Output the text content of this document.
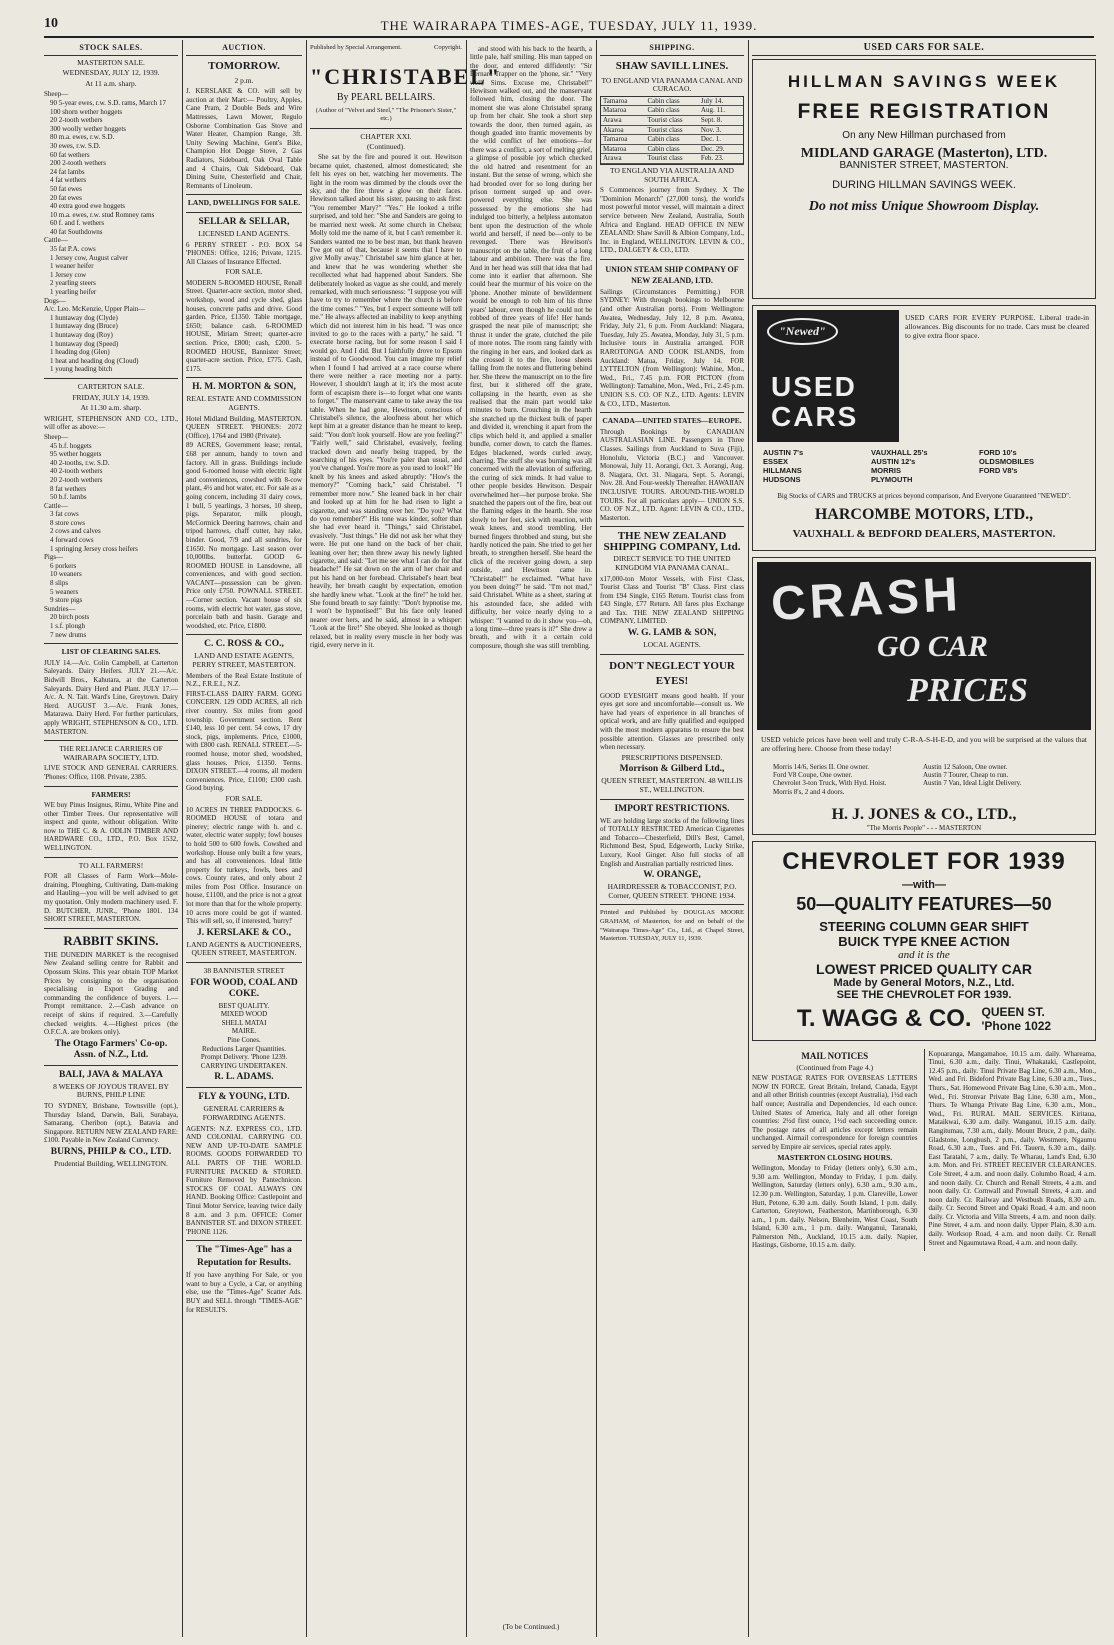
10	THE WAIRARAPA TIMES-AGE, TUESDAY, JULY 11, 1939.
STOCK SALES.
MASTERTON SALE.
WEDNESDAY, JULY 12, 1939.
At 11 a.m. sharp.
Sheep—
90 5-year ewes, r.w. S.D. rams, March 17
100 shorn wether hoggets
20 2-tooth wethers
300 woolly wether hoggets
80 m.a. ewes, r.w. S.D.
30 ewes, r.w. S.D.
60 fat wethers
200 2-tooth wethers
24 fat lambs
4 fat wethers
50 fat ewes
20 fat ewes
40 extra good ewe hoggets
10 m.a. ewes, r.w. stud Romney rams
60 f. and f. wethers
40 fat Southdowns
Cattle—
35 fat P.A. cows
1 Jersey cow, August calver
1 weaner heifer
1 Jersey cow
2 yearling steers
1 yearling heifer
Dogs—
A/c. Leo. McKenzie, Upper Plain—
1 huntaway dog (Clyde)
1 huntaway dog (Bruce)
1 huntaway dog (Roy)
1 huntaway dog (Speed)
1 heading dog (Glen)
1 heat and heading dog (Cloud)
1 young heading bitch
CARTERTON SALE.
FRIDAY, JULY 14, 1939.
At 11.30 a.m. sharp.
WRIGHT, STEPHENSON AND CO., LTD., will offer as above:—
Sheep—
45 b.f. hoggets
95 wether hoggets
40 2-tooths, r.w. S.D.
40 2-tooth wethers
20 2-tooth wethers
8 fat wethers
50 b.f. lambs
Cattle—
3 fat cows
8 store cows
2 cows and calves
4 forward cows
1 springing Jersey cross heifers
Pigs—
6 porkers
10 weaners
8 slips
5 weaners
9 store pigs
Sundries—
20 birch posts
1 s.f. plough
7 new drums
LIST OF CLEARING SALES.
JULY 14.—A/c. Colin Campbell, at Carterton Saleyards. Dairy Heifers. JULY 21.—A/c. Bidwill Bros., Kahutara, at the Carterton Saleyards. Dairy Herd and Plant. JULY 17.—A/c. A. N. Tait. Ward's Line, Greytown. Dairy Herd. AUGUST 3.—A/c. Frank Jones, Matarawa. Dairy Herd. For further particulars, apply WRIGHT, STEPHENSON & CO., LTD. MASTERTON.
THE RELIANCE CARRIERS OF WAIRARAPA SOCIETY, LTD.
LIVE STOCK AND GENERAL CARRIERS. 'Phones: Office, 1108. Private, 2385.
FARMERS!
WE buy Pinus Insignus, Rimu, White Pine and other Timber Trees. Our representative will inspect and quote, without obligation. Write now to THE C. & A. ODLIN TIMBER AND HARDWARE CO., LTD., P.O. Box 1532, WELLINGTON.
TO ALL FARMERS!
FOR all Classes of Farm Work—Mole-draining, Ploughing, Cultivating, Dam-making and Hauling—you will be well advised to get my quotation. Only modern machinery used. F. D. BUTCHER, JUNR., 'Phone 1801. 134 SHORT STREET, MASTERTON.
RABBIT SKINS.
THE DUNEDIN MARKET is the recognised New Zealand selling centre for Rabbit and Opossum Skins. This year obtain TOP Market Prices by consigning to the organisation specialising in Export Grading and commanding the confidence of buyers. 1.—Prompt remittance. 2.—Cash advance on receipt of skins if required. 3.—Carefully checked weights. 4.—Highest prices (the O.F.C.A. are brokers only).
The Otago Farmers' Co-op. Assn. of N.Z., Ltd.
BALI, JAVA & MALAYA
8 WEEKS OF JOYOUS TRAVEL BY BURNS, PHILP LINE
TO SYDNEY, Brisbane, Townsville (opt.), Thursday Island, Darwin, Bali, Surabaya, Samarang, Cheribon (opt.), Batavia and Singapore. RETURN NEW ZEALAND FARE: £100. Payable in New Zealand Currency.
BURNS, PHILP & CO., LTD.
Prudential Building, WELLINGTON.
AUCTION.
TOMORROW.
2 p.m.
J. KERSLAKE & CO. will sell by auction at their Mart:— Poultry, Apples, Cane Pram, 2 Double Beds and Wire Mattresses, Lawn Mower, Regulo Osborne Combination Gas Stove and Water Heater, Champion Range, 3ft. Unity Sewing Machine, Gent's Bike, Champion Hot Dogge Stove, 2 Gas Radiators, Sideboard, Oak Oval Table and 4 Chairs, Oak Sideboard, Oak Dining Suite, Chesterfield and Chair, Remnants of Linoleum.
LAND, DWELLINGS FOR SALE.
SELLAR & SELLAR,
LICENSED LAND AGENTS.
6 PERRY STREET - P.O. BOX 54 'PHONES: Office, 1216; Private, 1215. All Classes of Insurance Effected.
FOR SALE.
MODERN 5-ROOMED HOUSE, Renall Street. Quarter-acre section, motor shed, workshop, wood and cycle shed, glass houses, concrete paths and drive. Good garden. Price, £1350. Table mortgage, £650; balance cash. 6-ROOMED HOUSE, Miriam Street; quarter-acre section. Price, £800; cash, £200. 5-ROOMED HOUSE, Bannister Street; quarter-acre section. Price, £775. Cash, £175.
H. M. MORTON & SON,
REAL ESTATE AND COMMISSION AGENTS.
Hotel Midland Building, MASTERTON. QUEEN STREET. 'PHONES: 2072 (Office), 1764 and 1980 (Private).
89 ACRES, Government lease; rental, £68 per annum, handy to town and factory. All in grass. Buildings include good 6-roomed house with electric light and conveniences, cowshed with 8-cow plant, 4½ and hot water, etc. For sale as a going concern, including 31 dairy cows, 1 bull, 5 yearlings, 3 horses, 10 sheep, pigs. Separator, milk plough, McCormick Deering harrows, chain and tripod harrows, chaff cutter, hay rake, binder. Good, 7/9 and all sundries, for £1650. No mortgage. Last season over 10,000lbs. butterfat. GOOD 6-ROOMED HOUSE in Lansdowne, all conveniences, and with good section. VACANT—possession can be given. Price only £750. POWNALL STREET.—Corner section. Vacant house of six rooms, with electric hot water, gas stove, porcelain bath and basin. Garage and woodshed, etc. Price, £1800.
C. C. ROSS & CO.,
LAND AND ESTATE AGENTS, PERRY STREET, MASTERTON.
Members of the Real Estate Institute of N.Z., F.R.E.I., N.Z.
FIRST-CLASS DAIRY FARM. GONG CONCERN. 129 ODD ACRES, all rich river country. Six miles from good township. Government section. Rent £140, less 10 per cent. 54 cows, 17 dry stock, pigs, implements. Price, £1000, with £800 cash. RENALL STREET.—5-roomed house, motor shed, woodshed, glass houses. Price, £1350. Terms. DIXON STREET.—4 rooms, all modern conveniences. Price, £1100; £300 cash. Good buying.
FOR SALE.
10 ACRES IN THREE PADDOCKS. 6-ROOMED HOUSE of totara and pinerey; electric range with h. and c. water, electric water supply; fowl houses to hold 500 to 600 fowls. Cowshed and workshop. House only built a few years, and has all conveniences. Ideal little property for turkeys, fowls, bees and cows. County rates, and only about 2 miles from Post Office. Insurance on house, £1100, and the price is not a great lot more than that for the whole property. 10 acres more could be got if wanted. This will sell, so, if interested, 'hurry!'
J. KERSLAKE & CO.,
LAND AGENTS & AUCTIONEERS, QUEEN STREET, MASTERTON.
38 BANNISTER STREET
FOR WOOD, COAL AND COKE.
BEST QUALITY.
MIXED WOOD
SHELL MATAI
MAIRE.
Pine Cones.
Reductions Larger Quantities.
Prompt Delivery. 'Phone 1239.
CARRYING UNDERTAKEN.
R. L. ADAMS.
FLY & YOUNG, LTD.
GENERAL CARRIERS & FORWARDING AGENTS.
AGENTS: N.Z. EXPRESS CO., LTD. AND COLONIAL CARRYING CO. NEW AND UP-TO-DATE SAMPLE ROOMS. GOODS FORWARDED TO ALL PARTS OF THE WORLD. FURNITURE PACKED & STORED. Furniture Removed by Pantechnicon. STOCKS OF COAL ALWAYS ON HAND. Booking Office: Castlepoint and Tinui Motor Service, leaving twice daily 8 a.m. and 3 p.m. OFFICE: Corner BANNISTER ST. and DIXON STREET. 'PHONE 1126.
The "Times-Age" has a
Reputation for Results.
If you have anything For Sale, or you want to buy a Cycle, a Car, or anything else, use the "Times-Age" Scatter Ads. BUY and SELL through "TIMES-AGE" for RESULTS.
Published by Special Arrangement.	Copyright.
"CHRISTABEL"
By PEARL BELLAIRS.
(Author of "Velvet and Steel," "The Prisoner's Sister," etc.)
CHAPTER XXI.
(Continued).
She sat by the fire and poured it out. Hewitson became quiet, chastened, almost domesticated; she felt his eyes on her, watching her movements. The light in the room was dimmed by the clouds over the sky, and the fire threw a glow on their faces. Hewitson talked about his sister, pausing to ask first: "You remember Mary?" "Yes." He looked a trifle surprised, and told her: "She and Sanders are going to be married next week. At some church in Chelsea; Molly told me the name of it, but I can't remember it. Sanders wanted me to be best man, but thank heaven I've got out of that, because it seems that I have to give Molly away." Christabel saw him glance at her, and knew that he was wondering whether she recollected what had happened about Sanders. She deliberately looked as vague as she could, and merely remarked, with much seriousness: "I suppose you will have to try to remember where the church is before the time comes." "Yes, but I expect someone will tell me." He always affected an inability to keep anything which did not interest him in his head. "I was once invited to go to the races with a party," he said. "I execrate horse racing, but for some reason I said I would go. And I did. But I faithfully drove to Epsom instead of to Goodwood. You can imagine my relief when I found I had arrived at a race course where there were neither a race meeting nor a party. However, I shouldn't laugh at it; it's the most acute form of escapism there is—to forget what one wants to forget." The manservant came to take away the tea table. When he had gone, Hewitson, conscious of Christabel's silence, the aloofness about her which kept him at a greater distance than he meant to keep, said: "You don't look yourself. How are you feeling?" "Fairly well," said Christabel, evasively, feeling tracked down and nearly being trapped, by the searching of his eyes. "You're paler than usual, and you've changed. You're more as you used to look!" He knelt by his knees and asked abruptly: "How's the memory?" "Coming back," said Christabel. "I remember more now." She leaned back in her chair and looked up at him for he had risen to light a cigarette, and was standing over her. "Do you? What do you remember?" His tone was kinder, softer than she had ever heard it. "Things," said Christabel, evasively. "Just things." He did not ask her what they were. He put one hand on the back of her chair, leaning over her; then threw away his newly lighted cigarette, and said: "Let me see what I can do for that headache!" He sat down on the arm of her chair and put his hand on her forehead. Christabel's heart beat heavily, her breath caught by expectation, emotion she hardly knew what. "Look at the fire!" he told her. She found breath to say faintly: "Don't hypnotise me, I won't be hypnotised!" But his face only leaned nearer over hers, and he said, almost in a whisper: "Look at the fire!" She obeyed. She looked as though relaxed, but in reality every muscle in her body was rigid, every nerve in it.
and stood with his back to the hearth, a little pale, half smiling. His man tapped on the door, and entered diffidently: "Sir Bernard Trapper on the 'phone, sir." "Very well, Sims. Excuse me, Christabel!" Hewitson walked out, and the manservant followed him, closing the door. The moment she was alone Christabel sprang up from her chair. She took a short step towards the door, then turned again, as though goaded into frantic movements by the wild conflict of her emotions—for there was a conflict, a sort of melting grief, a glimpse of possible joy which checked the old hatred and resentment for an instant. But the sense of wrong, which she had brooded over for so long during her prison torment surged up and over-powered everything else. She was possessed by the emotions she had indulged too bitterly, a helpless automaton bent upon the destruction of the whole world and herself, if need be—only to be revenged. There was Hewitson's manuscript on the table, the fruit of a long labour and ambition. There was the fire. And in her head was still that idea that had come into it earlier that afternoon. She could hear the murmur of his voice on the 'phone. Another minute of bewilderment would be enough to rob him of his three years' labour, even though he could not be robbed of three years of life! Her hands grasped the neat pile of manuscript; she thrust it under the grate, clutched the pile of more notes. The room rang faintly with the ringing in her ears, and looked dark as she crossed it to the fire, loose sheets falling from the notes and fluttering behind her. She threw the manuscript on to the fire first, but it slithered off the grate, collapsing in the hearth, even as she realised that the main part would take minutes to burn. Crouching in the hearth she snatched up the thickest bulk of paper and divided it, wrenching it apart from the clips which held it, and applied a smaller bundle, corner down, to catch the flames. Edges blackened, words curled away, charring. The stuff she was burning was all concerned with the alleviation of suffering, the curing of sick minds. It had value to other people besides Hewitson. Despair overwhelmed her—her purpose broke. She snatched the papers out of the fire, beat out the flaming edges in the hearth. She rose slowly to her feet, sick with reaction, with weak knees, and stood trembling. Her burned fingers throbbed and stung, but she hardly noticed the pain. She tried to get her breath, to strengthen herself. She heard the click of the receiver going down, a step outside, and Hewitson came in. "Christabel!" he exclaimed. "What have you been doing?" he said. "I'm not mad," said Christabel. White as a sheet, staring at his astounded face, she added with difficulty, her voice nearly dying to a whisper: "I wanted to do it show you—oh, a long time—three years is it?" She drew a breath, and with it a certain cold composure, though she was still trembling.
(To be Continued.)
SHIPPING.
SHAW SAVILL LINES.
TO ENGLAND VIA PANAMA CANAL AND CURACAO.
Tamaroa	Cabin class	July 14.
Mataroa	Cabin class	Aug. 11.
Arawa	Tourist class	Sept. 8.
Akaroa	Tourist class	Nov. 3.
Tamaroa	Cabin class	Dec. 1.
Mataroa	Cabin class	Dec. 29.
Arawa	Tourist class	Feb. 23.
TO ENGLAND VIA AUSTRALIA AND SOUTH AFRICA.
S Commences journey from Sydney. X The "Dominion Monarch" (27,000 tons), the world's most powerful motor vessel, will maintain a direct service between New Zealand, Australia, South Africa and England. HEAD OFFICE IN NEW ZEALAND: Shaw Savill & Albion Company, Ltd., Inc. in England, WELLINGTON. LEVIN & CO., LTD., DALGETY & CO., LTD.
UNION STEAM SHIP COMPANY OF NEW ZEALAND, LTD.
Sailings (Circumstances Permitting.) FOR SYDNEY: With through bookings to Melbourne (and other Australian ports). From Wellington: Awatea, Wednesday, July 12, 8 p.m. Awatea, Friday, July 21, 6 p.m. From Auckland: Niagara, Tuesday, July 25. Awatea, Monday, July 31, 5 p.m. Inclusive tours in Australia arranged. FOR RAROTONGA AND COOK ISLANDS, from Auckland: Matua, Friday, July 14. FOR LYTTELTON (from Wellington): Wahine, Mon., Wed., Fri., 7.45 p.m. FOR PICTON (from Wellington): Tamahine, Mon., Wed., Fri., 2.45 p.m. UNION S.S. CO. OF N.Z., LTD. Agents: LEVIN & CO., LTD., Masterton.
CANADA—UNITED STATES—EUROPE.
Through Bookings by CANADIAN AUSTRALASIAN LINE. Passengers in Three Classes. Sailings from Auckland to Suva (Fiji), Honolulu, Victoria (B.C.) and Vancouver. Monowai, July 11. Aorangi, Oct. 3. Aorangi, Aug. 8. Niagara, Oct. 31. Niagara, Sept. 5. Aorangi, Nov. 28. And Four-weekly Thereafter. HAWAIIAN INCLUSIVE TOURS. AROUND-THE-WORLD TOURS. For all particulars apply— UNION S.S. CO. OF N.Z., LTD. Agent: LEVIN & CO., LTD., Masterton.
THE NEW ZEALAND SHIPPING COMPANY, Ltd.
DIRECT SERVICE TO THE UNITED KINGDOM VIA PANAMA CANAL.
x17,000-ton Motor Vessels, with First Class, Tourist Class and Tourist "B" Class. First class from £94 Single, £165 Return. Tourist class from £43 Single, £77 Return. All fares plus Exchange and Tax. THE NEW ZEALAND SHIPPING COMPANY, LIMITED.
W. G. LAMB & SON,
LOCAL AGENTS.
DON'T NEGLECT YOUR EYES!
GOOD EYESIGHT means good health. If your eyes get sore and uncomfortable—consult us. We have had years of experience in all branches of optical work, and are fully qualified and equipped with the most modern apparatus to ensure the best possible attention. Glasses are prescribed only when necessary.
PRESCRIPTIONS DISPENSED.
Morrison & Gilberd Ltd.,
QUEEN STREET, MASTERTON. 48 WILLIS ST., WELLINGTON.
IMPORT RESTRICTIONS.
WE are holding large stocks of the following lines of TOTALLY RESTRICTED American Cigarettes and Tobacco—Chesterfield, Dill's Best, Camel, Richmond Best, Spud, Edgeworth, Lucky Strike, Luxury, Kool Ginger. Also full stocks of all English and Australian partially restricted lines.
W. ORANGE,
HAIRDRESSER & TOBACCONIST, P.O. Corner, QUEEN STREET. 'PHONE 1934.
Printed and Published by DOUGLAS MOORE GRAHAM, of Masterton, for and on behalf of the "Wairarapa Times-Age" Co., Ltd., at Chapel Street, Masterton. TUESDAY, JULY 11, 1939.
USED CARS FOR SALE.
HILLMAN SAVINGS WEEK
FREE REGISTRATION
On any New Hillman purchased from
MIDLAND GARAGE (Masterton), LTD.
BANNISTER STREET, MASTERTON.
DURING HILLMAN SAVINGS WEEK.
Do not miss Unique Showroom Display.
"Newed"
USED CARS
USED CARS FOR EVERY PURPOSE. Liberal trade-in allowances. Big discounts for no trade. Cars must be cleared to give extra floor space.
AUSTIN 7's	VAUXHALL 25's	FORD 10's
ESSEX	AUSTIN 12's	OLDSMOBILES
HILLMANS	MORRIS	FORD V8's
HUDSONS	PLYMOUTH
Big Stocks of CARS and TRUCKS at prices beyond comparison, And Everyone Guaranteed "NEWED".
HARCOMBE MOTORS, LTD.,
VAUXHALL & BEDFORD DEALERS, MASTERTON.
CRASH
GO CAR
PRICES
USED vehicle prices have been well and truly C-R-A-S-H-E-D, and you will be surprised at the values that are offering here. Choose from these today!
Morris 14/6, Series II. One owner.	Austin 12 Saloon, One owner.
Ford V8 Coupe, One owner.	Austin 7 Tourer, Cheap to run.
Chevrolet 3-ton Truck, With Hyd. Hoist.	Austin 7 Van, Ideal Light Delivery.
Morris 8's, 2 and 4 doors.
H. J. JONES & CO., LTD.,
"The Morris People" - - - MASTERTON
CHEVROLET FOR 1939
—with—
50—QUALITY FEATURES—50
STEERING COLUMN GEAR SHIFT
BUICK TYPE KNEE ACTION
and it is the
LOWEST PRICED QUALITY CAR
Made by General Motors, N.Z., Ltd.
SEE THE CHEVROLET FOR 1939.
T. WAGG & CO. QUEEN ST.
'Phone 1022
MAIL NOTICES
(Continued from Page 4.)
NEW POSTAGE RATES FOR OVERSEAS LETTERS NOW IN FORCE. Great Britain, Ireland, Canada, Egypt and all other British countries (except Australia), 1½d each half ounce; Australia and Dependencies, 1d each ounce. United States of America, Italy and all other foreign countries: 2½d first ounce, 1½d each succeeding ounce. The postage rates of all articles except letters remain unchanged. Airmail correspondence for foreign countries served by Empire air services, special rates apply.
MASTERTON CLOSING HOURS.
Wellington, Monday to Friday (letters only), 6.30 a.m., 9.30 a.m. Wellington, Monday to Friday, 1 p.m. daily. Wellington, Saturday (letters only), 6.30 a.m., 9.30 a.m., 12.30 p.m. Wellington, Saturday, 1 p.m. Clareville, Lower Hutt, Petone, 6.30 a.m. daily. South Island, 1 p.m. daily. Carterton, Greytown, Featherston, Martinborough, 6.30 a.m., 1 p.m. daily. Nelson, Blenheim, West Coast, South Island, 6.30 a.m., 1 p.m. daily. Wanganui, Taranaki, Palmerston Nth., Auckland, 10.15 a.m. daily. Napier, Hastings, Gisborne, 10.15 a.m. daily.
Kopuaranga, Mangamahoe, 10.15 a.m. daily. Whareama, Tinui, 6.30 a.m., daily. Tinui, Whakataki, Castlepoint, 12.45 p.m., daily. Tinui Private Bag Line, 6.30 a.m., Mon., Wed. and Fri. Bideford Private Bag Line, 6.30 a.m., Tues., Thurs., Sat. Homewood Private Bag Line, 6.30 a.m., Mon., Wed., Fri. Stronvar Private Bag Line, 6.30 a.m., Mon., Thurs. Te Whanga Private Bag Line, 6.30 a.m., Mon., Wed., Fri. RURAL MAIL SERVICES. Kiritaua, Mataikwai, 6.30 a.m. daily. Wanganui, 10.15 a.m. daily. Rangitumau, 7.30 a.m., daily. Mount Bruce, 2 p.m., daily. Gladstone, Longbush, 2 p.m., daily. Westmere, Ngaumu Road, 6.30 a.m., Tues. and Fri. Tauern, 6.30 a.m., daily. East Taratahi, 7 a.m., daily. Te Wharau, Land's End, 6.30 a.m. Mon. and Fri. STREET RECEIVER CLEARANCES. Cole Street, 4 a.m. and noon daily. Columbo Road, 4 a.m. and noon daily. Cr. Church and Renall Streets, 4 a.m. and noon daily. Cr. Cornwall and Pownall Streets, 4 a.m. and noon daily. Cr. Railway and Westbush Roads, 8.30 a.m. daily. Cr. Second Street and Opaki Road, 4 a.m. and noon daily. Cr. Victoria and Villa Streets, 4 a.m. and noon daily. Pine Street, 4 a.m. and noon daily. Upper Plain, 8.30 a.m. daily. Worksop Road, 4 a.m. and noon daily. Cr. Renall Street and Ngaumutawa Road, 4 a.m. and noon daily.
